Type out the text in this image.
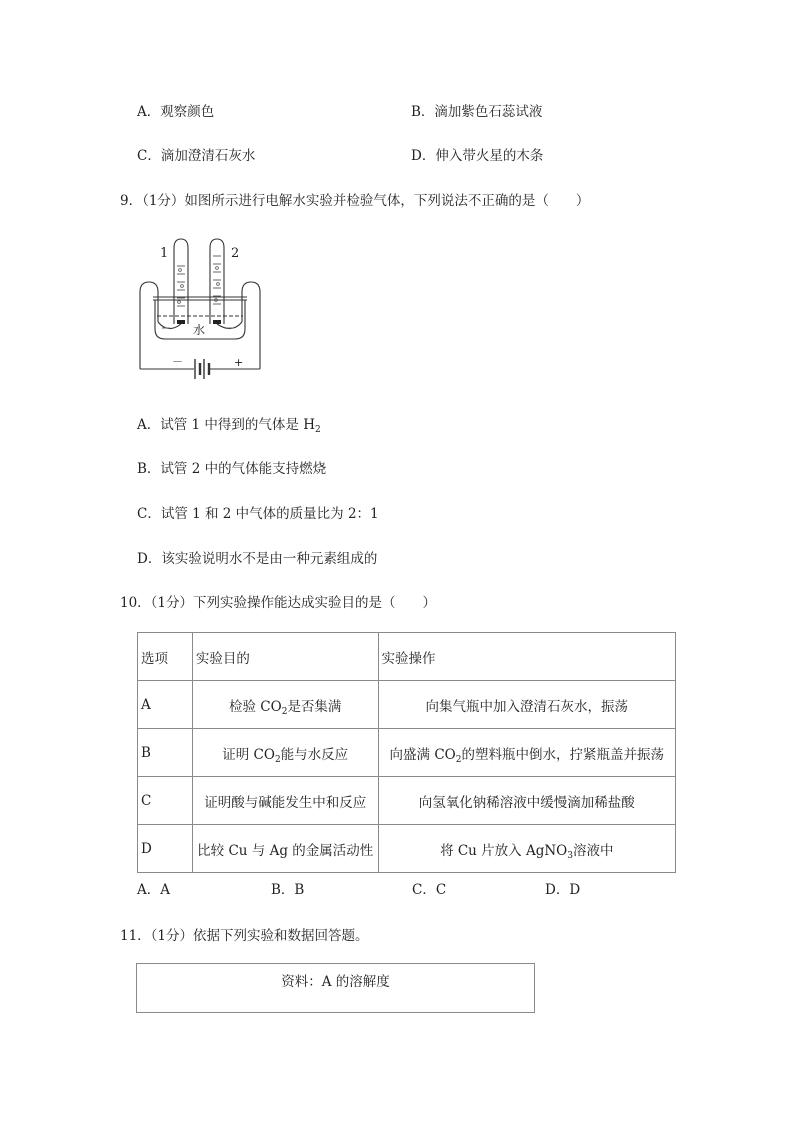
A．观察颜色	B．滴加紫色石蕊试液
C．滴加澄清石灰水	D．伸入带火星的木条
9．（1分）如图所示进行电解水实验并检验气体，下列说法不正确的是（　　）
1	2
水
－	+
A．试管 1 中得到的气体是 $H_2$
B．试管 2 中的气体能支持燃烧
C．试管 1 和 2 中气体的质量比为 2：1
D．该实验说明水不是由一种元素组成的
10．（1分）下列实验操作能达成实验目的是（　　）
选项	实验目的	实验操作
A	检验 $CO_2$是否集满	向集气瓶中加入澄清石灰水，振荡
B	证明 $CO_2$能与水反应	向盛满 $CO_2$的塑料瓶中倒水，拧紧瓶盖并振荡
C	证明酸与碱能发生中和反应	向氢氧化钠稀溶液中缓慢滴加稀盐酸
D	比较 Cu 与 Ag 的金属活动性	将 Cu 片放入 AgNO$_3$溶液中
A．A	B．B	C．C	D．D
11．（1分）依据下列实验和数据回答题。
资料：A 的溶解度
